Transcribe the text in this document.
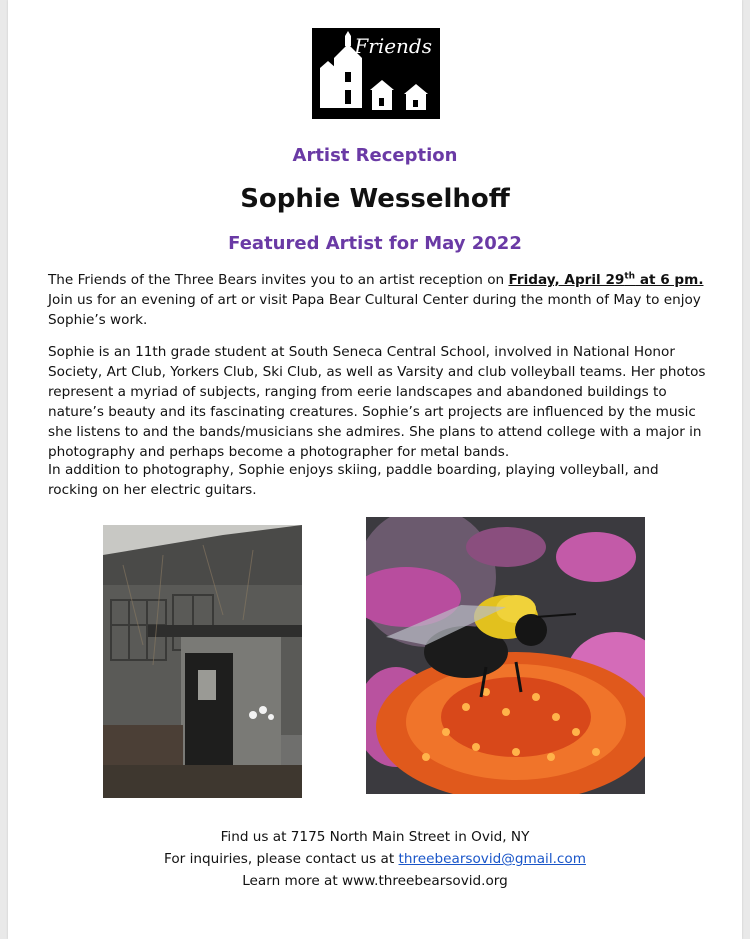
Friends
Artist Reception
Sophie Wesselhoff
Featured Artist for May 2022

The Friends of the Three Bears invites you to an artist reception on Friday, April 29th at 6 pm. Join us for an evening of art or visit Papa Bear Cultural Center during the month of May to enjoy Sophie’s work.

Sophie is an 11th grade student at South Seneca Central School, involved in National Honor Society, Art Club, Yorkers Club, Ski Club, as well as Varsity and club volleyball teams. Her photos represent a myriad of subjects, ranging from eerie landscapes and abandoned buildings to nature’s beauty and its fascinating creatures. Sophie’s art projects are influenced by the music she listens to and the bands/musicians she admires. She plans to attend college with a major in photography and perhaps become a photographer for metal bands.

In addition to photography, Sophie enjoys skiing, paddle boarding, playing volleyball, and rocking on her electric guitars.

Find us at 7175 North Main Street in Ovid, NY
For inquiries, please contact us at threebearsovid@gmail.com
Learn more at www.threebearsovid.org
